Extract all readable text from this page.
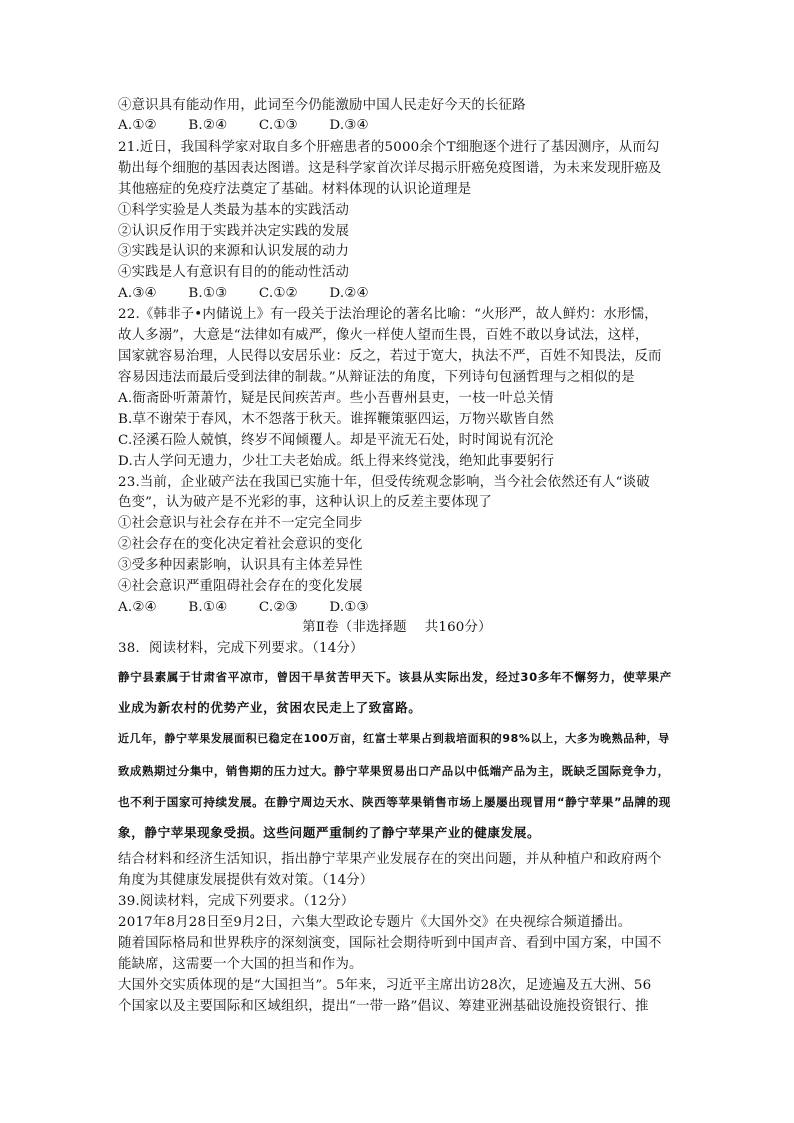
④意识具有能动作用，此词至今仍能激励中国人民走好今天的长征路
A.①②　　 B.②④　　 C.①③　　 D.③④
21.近日，我国科学家对取自多个肝癌患者的5000余个T细胞逐个进行了基因测序，从而勾
勒出每个细胞的基因表达图谱。这是科学家首次详尽揭示肝癌免疫图谱，为未来发现肝癌及
其他癌症的免疫疗法奠定了基础。材料体现的认识论道理是
①科学实验是人类最为基本的实践活动
②认识反作用于实践并决定实践的发展
③实践是认识的来源和认识发展的动力
④实践是人有意识有目的的能动性活动
A.③④　　 B.①③　　 C.①②　　 D.②④
22.《韩非子•内储说上》有一段关于法治理论的著名比喻：“火形严，故人鲜灼：水形懦，
故人多溺”，大意是“法律如有威严，像火一样使人望而生畏，百姓不敢以身试法，这样，
国家就容易治理，人民得以安居乐业：反之，若过于宽大，执法不严，百姓不知畏法，反而
容易因违法而最后受到法律的制裁。”从辩证法的角度，下列诗句包涵哲理与之相似的是
A.衙斋卧听萧萧竹，疑是民间疾苦声。些小吾曹州县吏，一枝一叶总关情
B.草不谢荣于春风，木不怨落于秋天。谁挥鞭策驱四运，万物兴歇皆自然
C.泾溪石险人兢慎，终岁不闻倾覆人。却是平流无石处，时时闻说有沉沦
D.古人学问无遗力，少壮工夫老始成。纸上得来终觉浅，绝知此事要躬行
23.当前，企业破产法在我国已实施十年，但受传统观念影响，当今社会依然还有人“谈破
色变”，认为破产是不光彩的事，这种认识上的反差主要体现了
①社会意识与社会存在并不一定完全同步
②社会存在的变化决定着社会意识的变化
③受多种因素影响，认识具有主体差异性
④社会意识严重阻碍社会存在的变化发展
A.②④　　 B.①④　　 C.②③　　 D.①③
第Ⅱ卷（非选择题　 共160分）
38．阅读材料，完成下列要求。（14分）
静宁县素属于甘肃省平凉市，曾因干旱贫苦甲天下。该县从实际出发，经过30多年不懈努力，使苹果产
业成为新农村的优势产业，贫困农民走上了致富路。
近几年，静宁苹果发展面积已稳定在100万亩，红富士苹果占到栽培面积的98%以上，大多为晚熟品种，导
致成熟期过分集中，销售期的压力过大。静宁苹果贸易出口产品以中低端产品为主，既缺乏国际竞争力，
也不利于国家可持续发展。在静宁周边天水、陕西等苹果销售市场上屡屡出现冒用“静宁苹果”品牌的现
象，静宁苹果现象受损。这些问题严重制约了静宁苹果产业的健康发展。
结合材料和经济生活知识，指出静宁苹果产业发展存在的突出问题，并从种植户和政府两个
角度为其健康发展提供有效对策。（14分）
39.阅读材料，完成下列要求。（12分）
2017年8月28日至9月2日，六集大型政论专题片《大国外交》在央视综合频道播出。
随着国际格局和世界秩序的深刻演变，国际社会期待听到中国声音、看到中国方案，中国不
能缺席，这需要一个大国的担当和作为。
大国外交实质体现的是“大国担当”。5年来，习近平主席出访28次，足迹遍及五大洲、56
个国家以及主要国际和区域组织，提出“一带一路”倡议、筹建亚洲基础设施投资银行、推
